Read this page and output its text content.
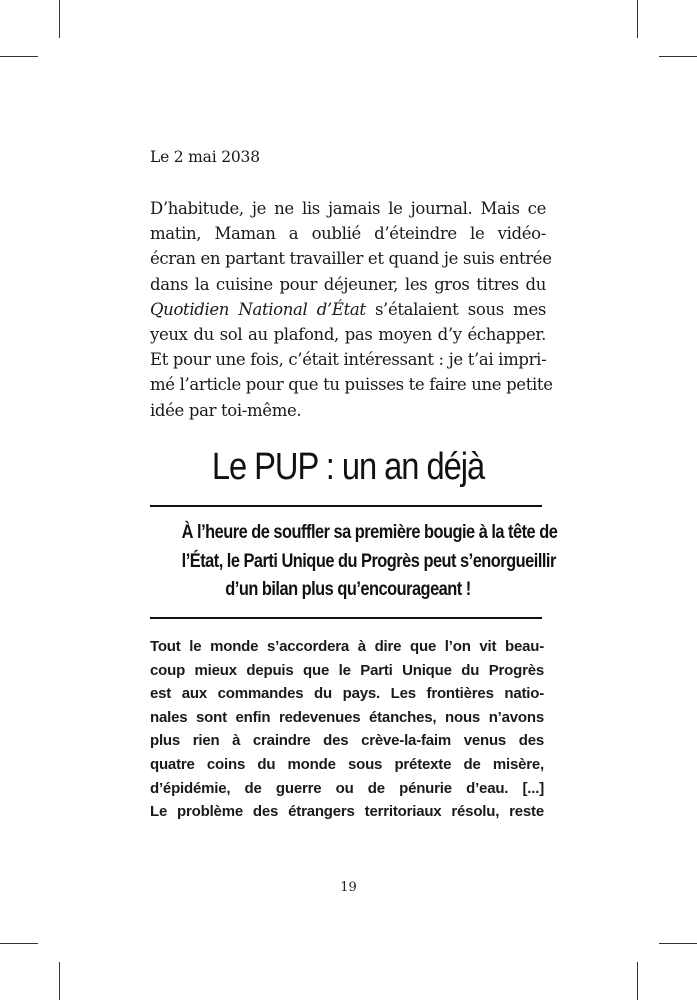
Le 2 mai 2038

D’habitude, je ne lis jamais le journal. Mais ce
matin, Maman a oublié d’éteindre le vidéo-
écran en partant travailler et quand je suis entrée
dans la cuisine pour déjeuner, les gros titres du
Quotidien National d’État s’étalaient sous mes
yeux du sol au plafond, pas moyen d’y échapper.
Et pour une fois, c’était intéressant : je t’ai impri-
mé l’article pour que tu puisses te faire une petite
idée par toi-même.

Le PUP : un an déjà
À l’heure de souffler sa première bougie à la tête de
l’État, le Parti Unique du Progrès peut s’enorgueillir
d’un bilan plus qu’encourageant !
Tout le monde s’accordera à dire que l’on vit beau-
coup mieux depuis que le Parti Unique du Progrès
est aux commandes du pays. Les frontières natio-
nales sont enfin redevenues étanches, nous n’avons
plus rien à craindre des crève-la-faim venus des
quatre coins du monde sous prétexte de misère,
d’épidémie, de guerre ou de pénurie d’eau. [...]
Le problème des étrangers territoriaux résolu, reste
19
